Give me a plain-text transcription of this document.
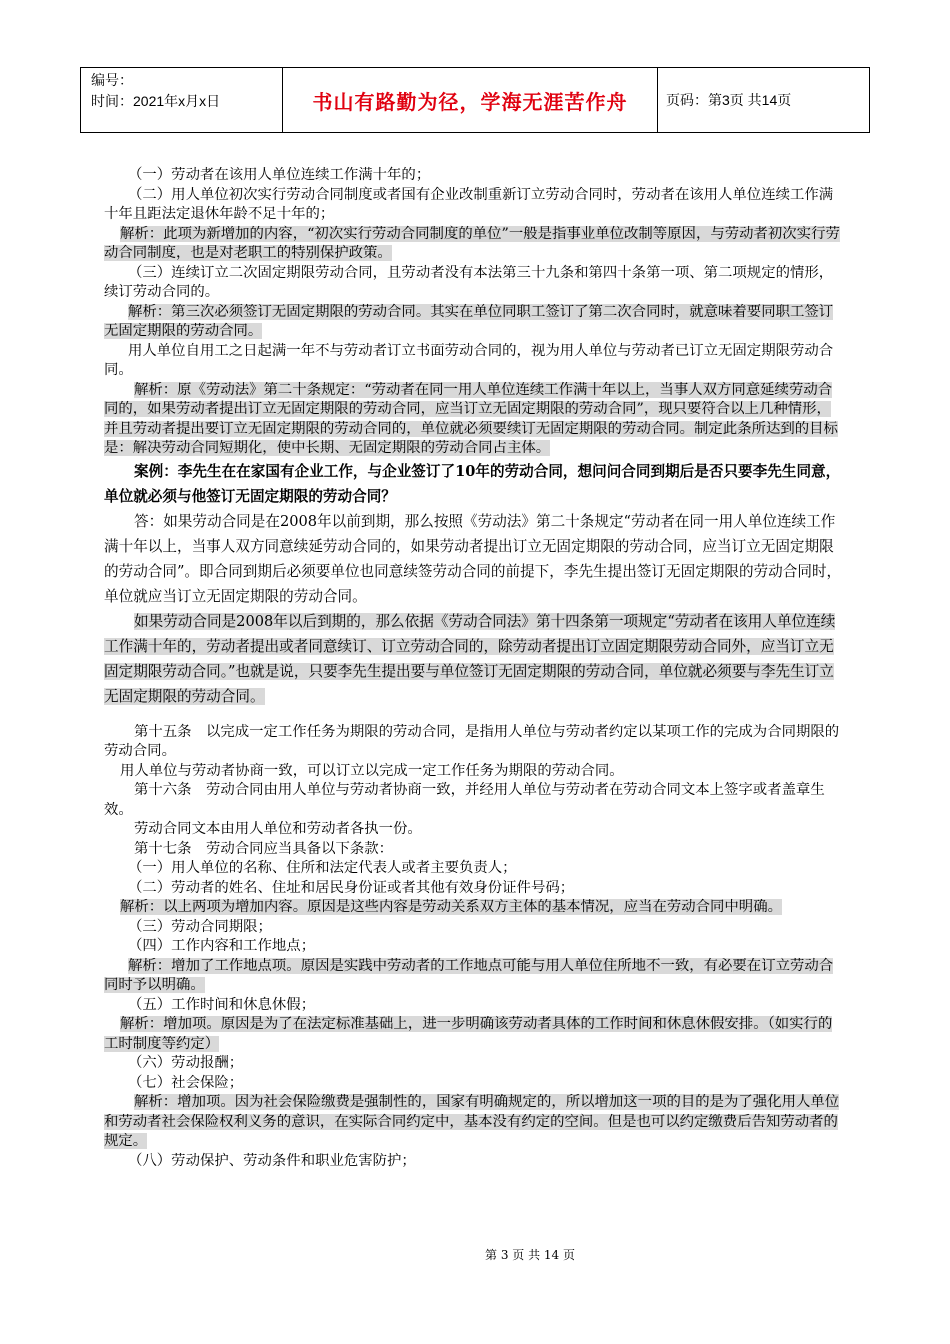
编号：
时间：2021年x月x日	书山有路勤为径，学海无涯苦作舟	页码：第3页 共14页

（一）劳动者在该用人单位连续工作满十年的；

（二）用人单位初次实行劳动合同制度或者国有企业改制重新订立劳动合同时，劳动者在该用人单位连续工作满十年且距法定退休年龄不足十年的；

解析：此项为新增加的内容，“初次实行劳动合同制度的单位”一般是指事业单位改制等原因，与劳动者初次实行劳动合同制度，也是对老职工的特别保护政策。

（三）连续订立二次固定期限劳动合同，且劳动者没有本法第三十九条和第四十条第一项、第二项规定的情形，续订劳动合同的。

解析：第三次必须签订无固定期限的劳动合同。其实在单位同职工签订了第二次合同时，就意味着要同职工签订无固定期限的劳动合同。

用人单位自用工之日起满一年不与劳动者订立书面劳动合同的，视为用人单位与劳动者已订立无固定期限劳动合同。

解析：原《劳动法》第二十条规定：“劳动者在同一用人单位连续工作满十年以上，当事人双方同意延续劳动合同的，如果劳动者提出订立无固定期限的劳动合同，应当订立无固定期限的劳动合同”，现只要符合以上几种情形，并且劳动者提出要订立无固定期限的劳动合同的，单位就必须要续订无固定期限的劳动合同。制定此条所达到的目标是：解决劳动合同短期化，使中长期、无固定期限的劳动合同占主体。

案例：李先生在在家国有企业工作，与企业签订了10年的劳动合同，想问问合同到期后是否只要李先生同意，单位就必须与他签订无固定期限的劳动合同？

答：如果劳动合同是在2008年以前到期，那么按照《劳动法》第二十条规定“劳动者在同一用人单位连续工作满十年以上，当事人双方同意续延劳动合同的，如果劳动者提出订立无固定期限的劳动合同，应当订立无固定期限的劳动合同”。即合同到期后必须要单位也同意续签劳动合同的前提下，李先生提出签订无固定期限的劳动合同时，单位就应当订立无固定期限的劳动合同。

如果劳动合同是2008年以后到期的，那么依据《劳动合同法》第十四条第一项规定“劳动者在该用人单位连续工作满十年的，劳动者提出或者同意续订、订立劳动合同的，除劳动者提出订立固定期限劳动合同外，应当订立无固定期限劳动合同。”也就是说，只要李先生提出要与单位签订无固定期限的劳动合同，单位就必须要与李先生订立无固定期限的劳动合同。

第十五条　以完成一定工作任务为期限的劳动合同，是指用人单位与劳动者约定以某项工作的完成为合同期限的劳动合同。

用人单位与劳动者协商一致，可以订立以完成一定工作任务为期限的劳动合同。

第十六条　劳动合同由用人单位与劳动者协商一致，并经用人单位与劳动者在劳动合同文本上签字或者盖章生效。

劳动合同文本由用人单位和劳动者各执一份。

第十七条　劳动合同应当具备以下条款：

（一）用人单位的名称、住所和法定代表人或者主要负责人；

（二）劳动者的姓名、住址和居民身份证或者其他有效身份证件号码；

解析：以上两项为增加内容。原因是这些内容是劳动关系双方主体的基本情况，应当在劳动合同中明确。

（三）劳动合同期限；

（四）工作内容和工作地点；

解析：增加了工作地点项。原因是实践中劳动者的工作地点可能与用人单位住所地不一致，有必要在订立劳动合同时予以明确。

（五）工作时间和休息休假；

解析：增加项。原因是为了在法定标准基础上，进一步明确该劳动者具体的工作时间和休息休假安排。（如实行的工时制度等约定）

（六）劳动报酬；

（七）社会保险；

解析：增加项。因为社会保险缴费是强制性的，国家有明确规定的，所以增加这一项的目的是为了强化用人单位和劳动者社会保险权利义务的意识，在实际合同约定中，基本没有约定的空间。但是也可以约定缴费后告知劳动者的规定。

（八）劳动保护、劳动条件和职业危害防护；

第 3 页 共 14 页
